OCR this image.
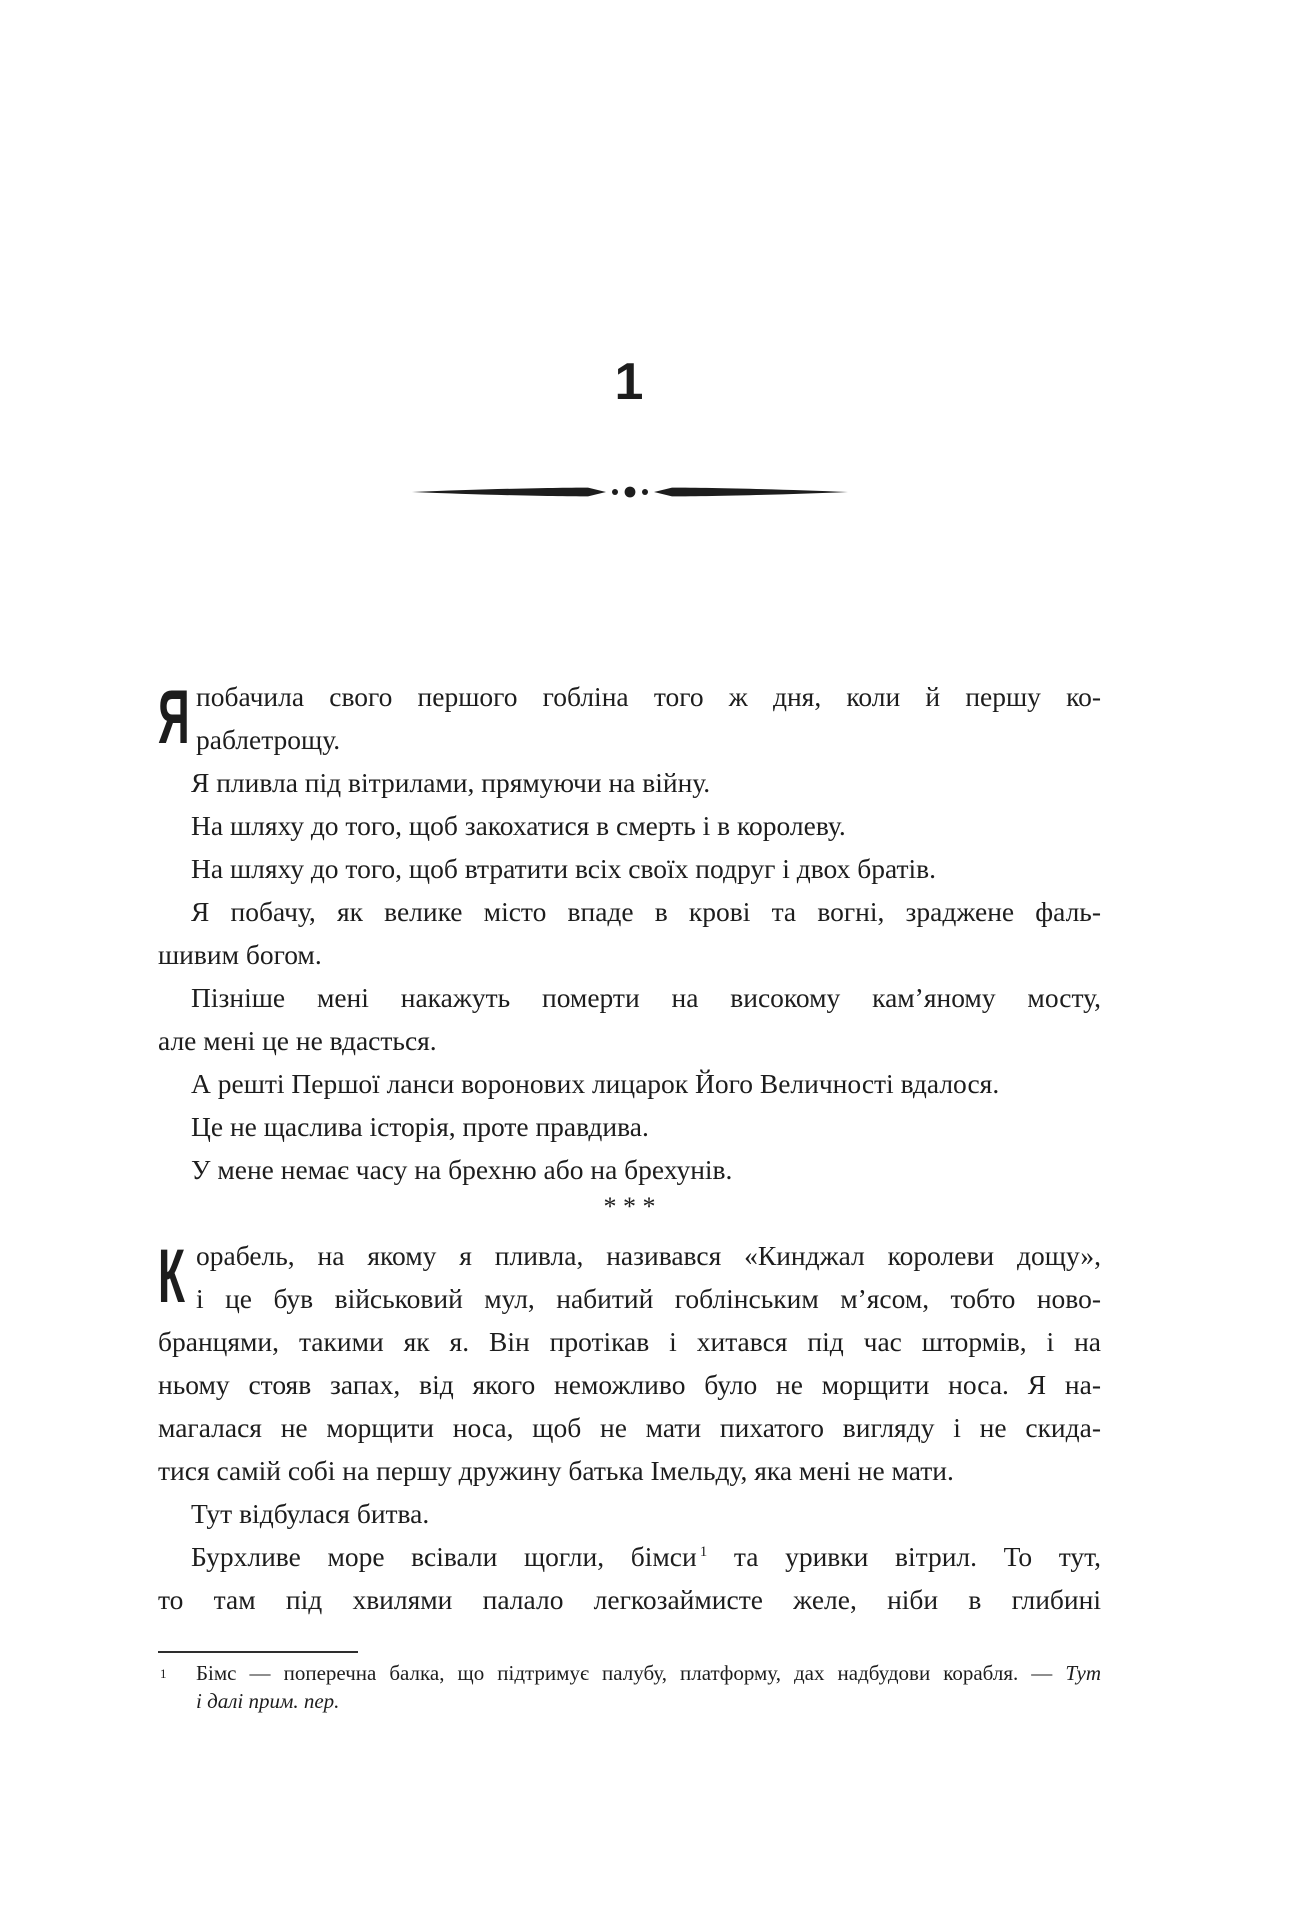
1
Я побачила свого першого гобліна того ж дня, коли й першу ко-
раблетрощу.
Я пливла під вітрилами, прямуючи на війну.
На шляху до того, щоб закохатися в смерть і в королеву.
На шляху до того, щоб втратити всіх своїх подруг і двох братів.
Я побачу, як велике місто впаде в крові та вогні, зраджене фаль-
шивим богом.
Пізніше мені накажуть померти на високому кам’яному мосту,
але мені це не вдасться.
А решті Першої ланси воронових лицарок Його Величності вдалося.
Це не щаслива історія, проте правдива.
У мене немає часу на брехню або на брехунів.
* * *
К орабель, на якому я пливла, називався «Кинджал королеви дощу»,
і це був військовий мул, набитий гоблінським м’ясом, тобто ново-
бранцями, такими як я. Він протікав і хитався під час штормів, і на
ньому стояв запах, від якого неможливо було не морщити носа. Я на-
магалася не морщити носа, щоб не мати пихатого вигляду і не скида-
тися самій собі на першу дружину батька Імельду, яка мені не мати.
Тут відбулася битва.
Бурхливе море всівали щогли, бімси $^1$ та уривки вітрил. То тут,
то там під хвилями палало легкозаймисте желе, ніби в глибині
1 Бімс — поперечна балка, що підтримує палубу, платформу, дах надбудови корабля. — Тут
і далі прим. пер.
